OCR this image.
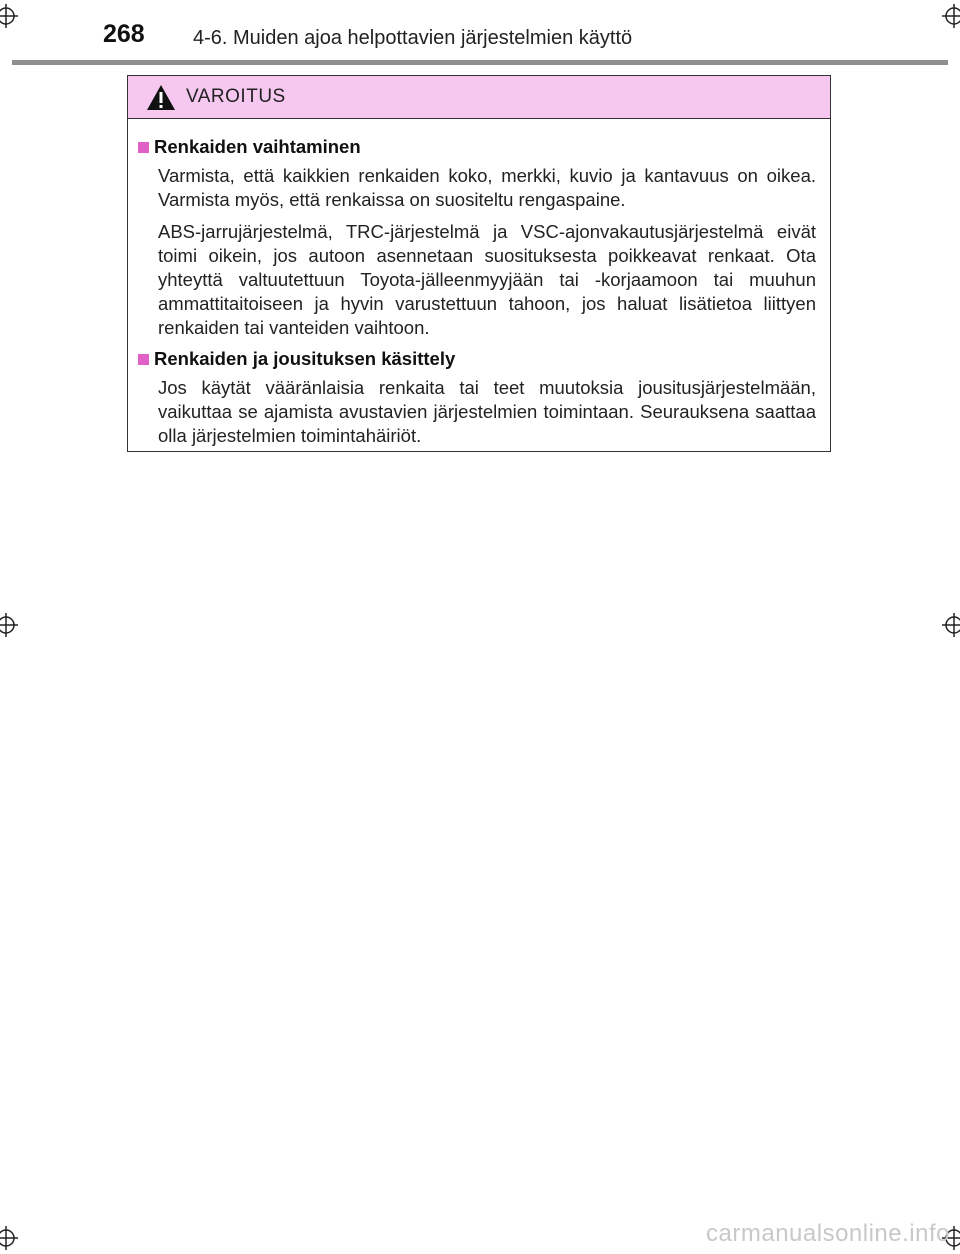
268 4-6. Muiden ajoa helpottavien järjestelmien käyttö
VAROITUS
Renkaiden vaihtaminen

Varmista, että kaikkien renkaiden koko, merkki, kuvio ja kantavuus on oikea. Varmista myös, että renkaissa on suositeltu rengaspaine.

ABS-jarrujärjestelmä, TRC-järjestelmä ja VSC-ajonvakautusjärjestelmä eivät toimi oikein, jos autoon asennetaan suosituksesta poikkeavat renkaat. Ota yhteyttä valtuutettuun Toyota-jälleenmyyjään tai -korjaamoon tai muuhun ammattitaitoiseen ja hyvin varustettuun tahoon, jos haluat lisätietoa liittyen renkaiden tai vanteiden vaihtoon.

Renkaiden ja jousituksen käsittely

Jos käytät vääränlaisia renkaita tai teet muutoksia jousitusjärjestelmään, vaikuttaa se ajamista avustavien järjestelmien toimintaan. Seurauksena saattaa olla järjestelmien toimintahäiriöt.

carmanualsonline.info
